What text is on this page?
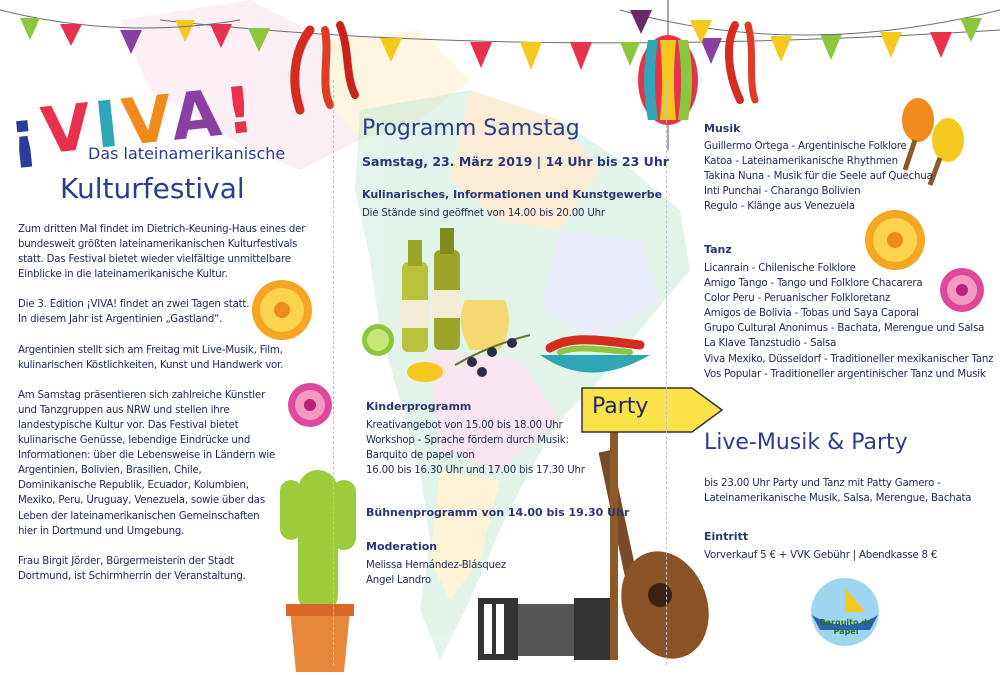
¡VIVA!
Das lateinamerikanische
Kulturfestival

Zum dritten Mal findet im Dietrich-Keuning-Haus eines der bundesweit größten lateinamerikanischen Kulturfestivals statt. Das Festival bietet wieder vielfältige unmittelbare Einblicke in die lateinamerikanische Kultur.

Die 3. Edition ¡VIVA! findet an zwei Tagen statt.

In diesem Jahr ist Argentinien „Gastland“.

Argentinien stellt sich am Freitag mit Live-Musik, Film, kulinarischen Köstlichkeiten, Kunst und Handwerk vor.

Am Samstag präsentieren sich zahlreiche Künstler und Tanzgruppen aus NRW und stellen ihre landestypische Kultur vor. Das Festival bietet kulinarische Genüsse, lebendige Eindrücke und Informationen: über die Lebensweise in Ländern wie Argentinien, Bolivien, Brasilien, Chile, Dominikanische Republik, Ecuador, Kolumbien, Mexiko, Peru, Uruguay, Venezuela, sowie über das Leben der lateinamerikanischen Gemeinschaften hier in Dortmund und Umgebung.

Frau Birgit Jörder, Bürgermeisterin der Stadt Dortmund, ist Schirmherrin der Veranstaltung.

Programm Samstag
Samstag, 23. März 2019 | 14 Uhr bis 23 Uhr
Kulinarisches, Informationen und Kunstgewerbe
Die Stände sind geöffnet von 14.00 bis 20.00 Uhr
Kinderprogramm

Kreativangebot von 15.00 bis 18.00 Uhr

Workshop - Sprache fördern durch Musik:

Barquito de papel von

16.00 bis 16.30 Uhr und 17.00 bis 17.30 Uhr

Bühnenprogramm von 14.00 bis 19.30 Uhr
Moderation

Melissa Hernández-Blásquez

Angel Landro

Party
Musik

Guillermo Ortega - Argentinische Folklore

Katoa - Lateinamerikanische Rhythmen

Takina Nuna - Musik für die Seele auf Quechua

Inti Punchai - Charango Bolivien

Regulo - Klänge aus Venezuela

Tanz

Licanrain - Chilenische Folklore

Amigo Tango - Tango und Folklore Chacarera

Color Peru - Peruanischer Folkloretanz

Amigos de Bolivia - Tobas und Saya Caporal

Grupo Cultural Anonimus - Bachata, Merengue und Salsa

La Klave Tanzstudio - Salsa

Viva Mexiko, Düsseldorf - Traditioneller mexikanischer Tanz

Vos Popular - Traditioneller argentinischer Tanz und Musik

Live-Musik & Party

bis 23.00 Uhr Party und Tanz mit Patty Gamero -

Lateinamerikanische Musik, Salsa, Merengue, Bachata

Eintritt
Vorverkauf 5 € + VVK Gebühr | Abendkasse 8 €
Barquito de Papel
